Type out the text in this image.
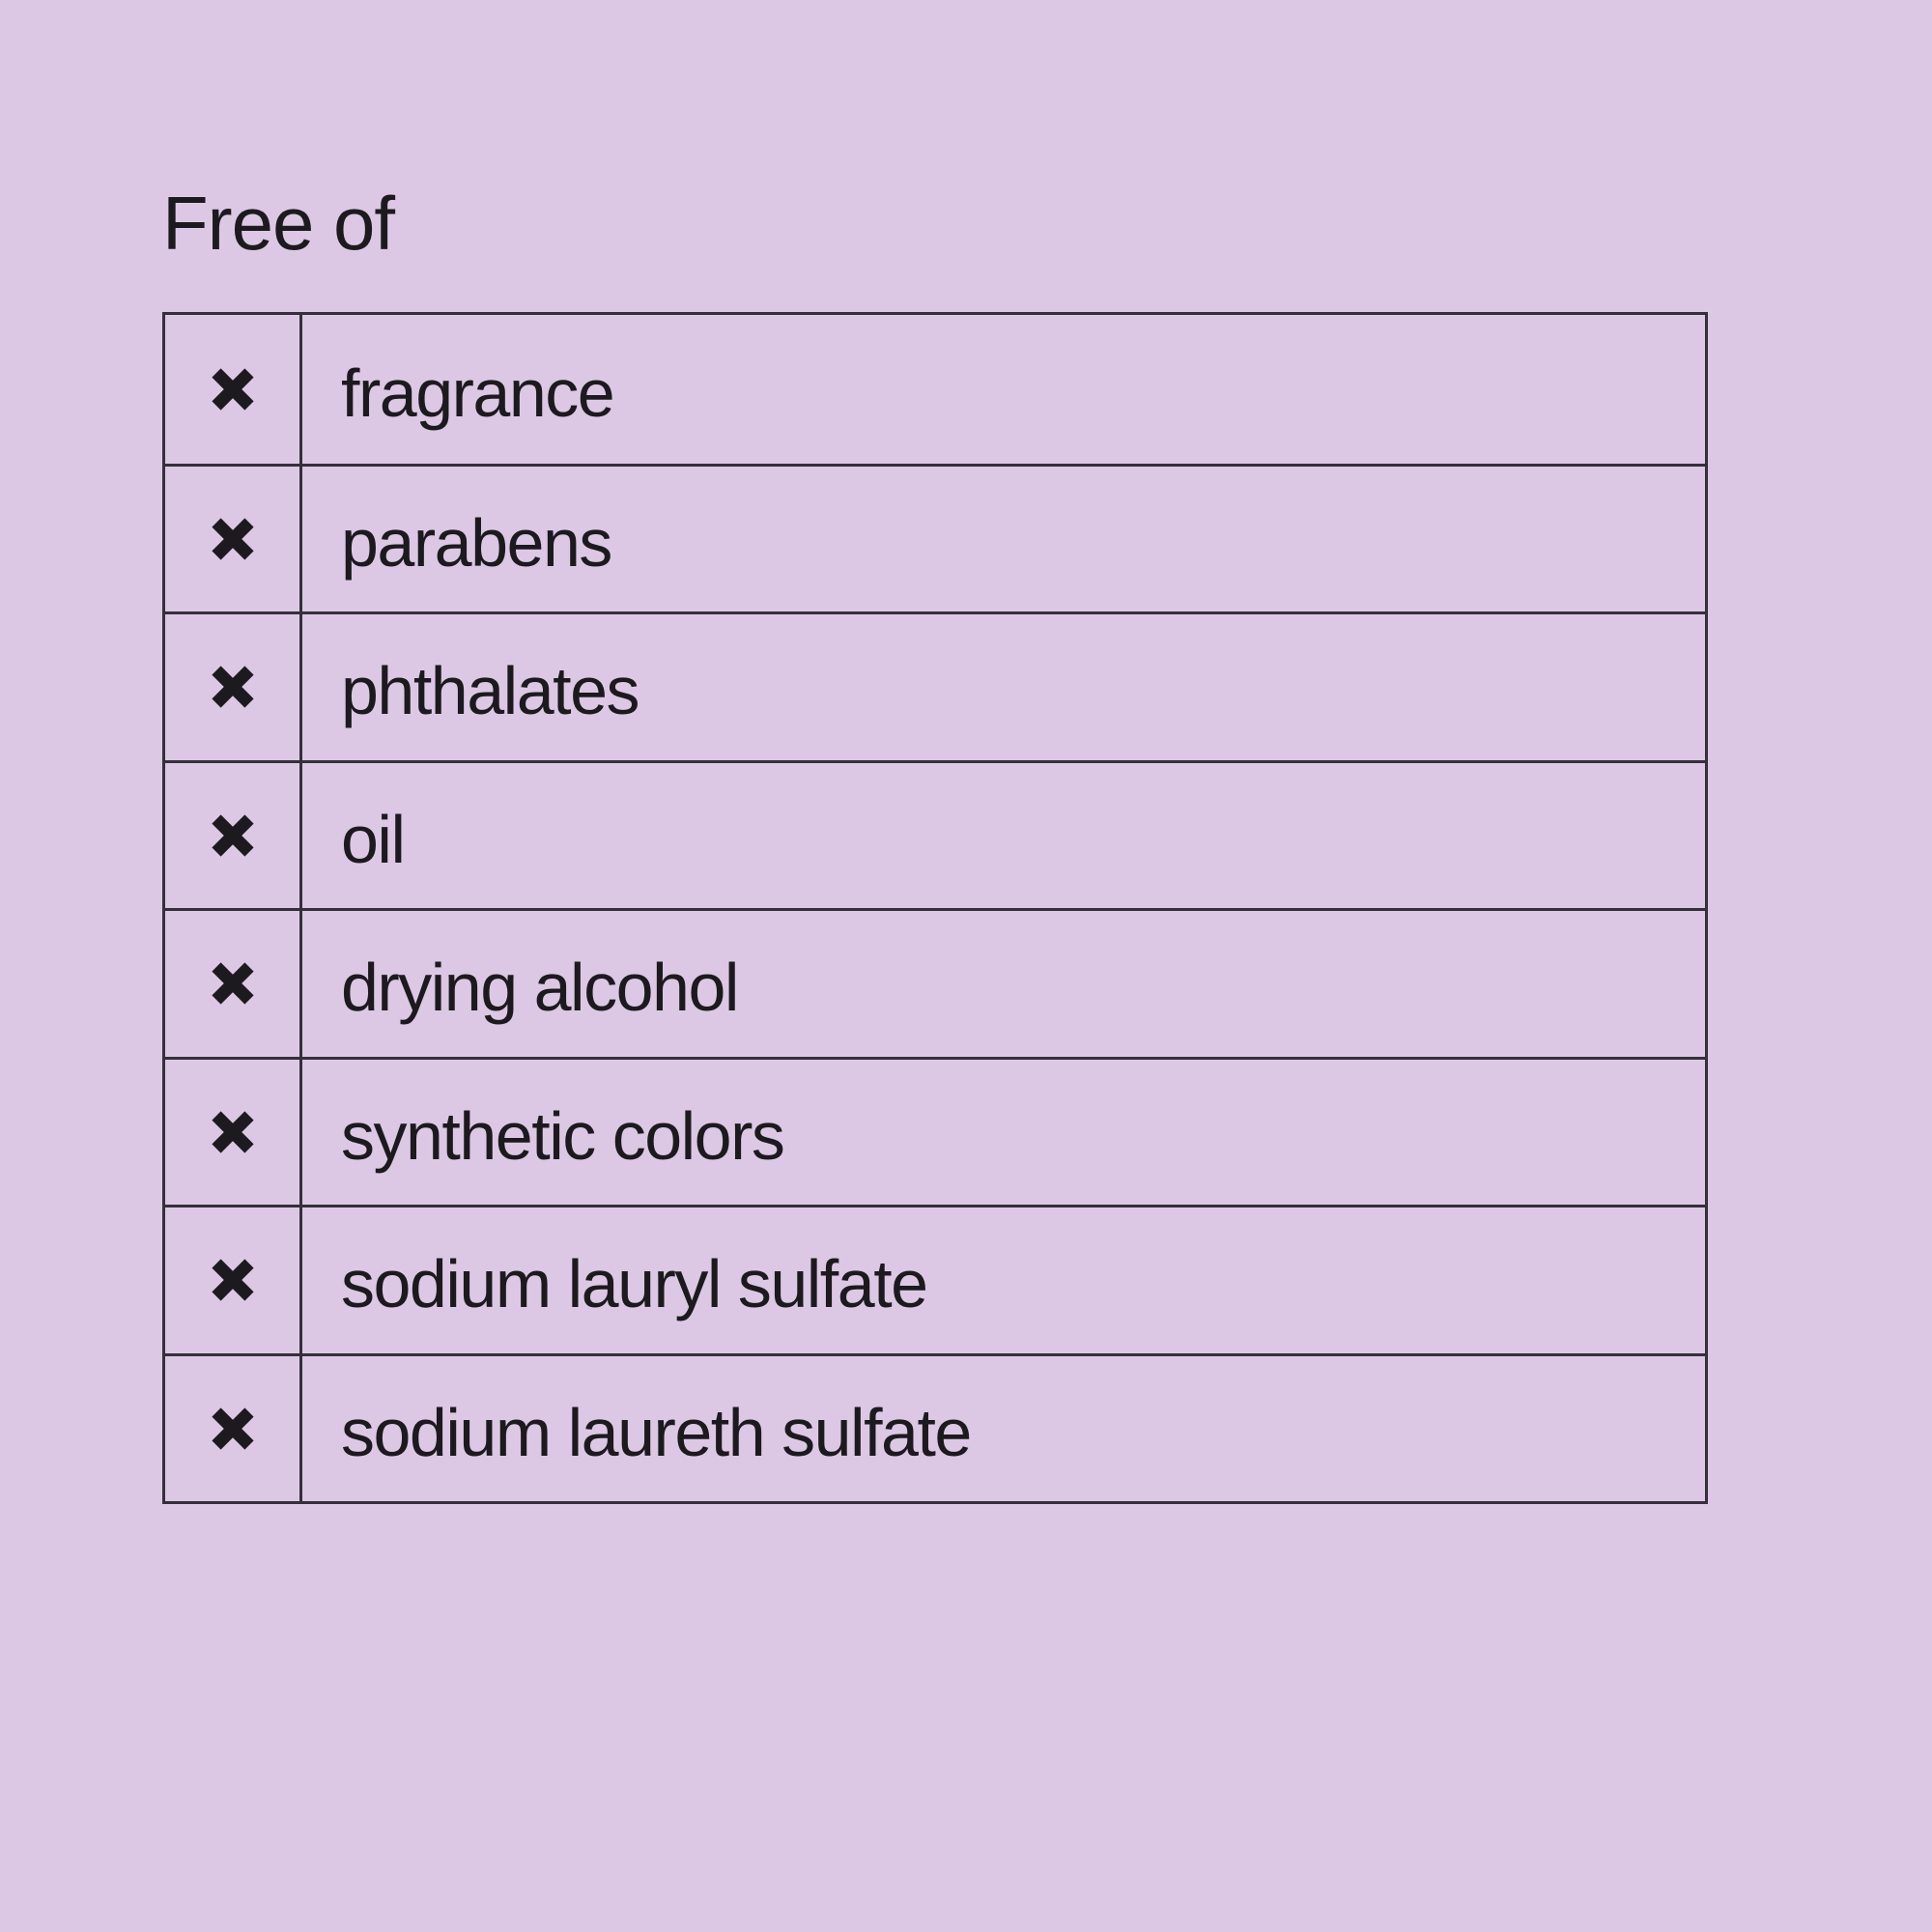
Free of
fragrance
parabens
phthalates
oil
drying alcohol
synthetic colors
sodium lauryl sulfate
sodium laureth sulfate
